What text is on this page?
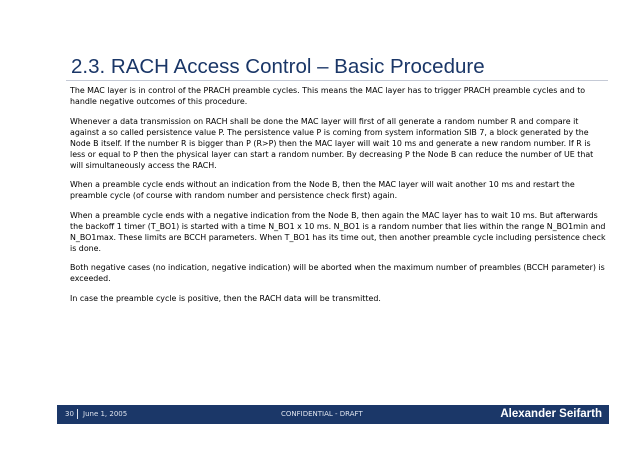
2.3. RACH Access Control – Basic Procedure

The MAC layer is in control of the PRACH preamble cycles. This means the MAC layer has to trigger PRACH preamble cycles and to handle negative outcomes of this procedure.

Whenever a data transmission on RACH shall be done the MAC layer will first of all generate a random number R and compare it against a so called persistence value P. The persistence value P is coming from system information SIB 7, a block generated by the Node B itself. If the number R is bigger than P (R>P) then the MAC layer will wait 10 ms and generate a new random number. If R is less or equal to P then the physical layer can start a random number. By decreasing P the Node B can reduce the number of UE that will simultaneously access the RACH.

When a preamble cycle ends without an indication from the Node B, then the MAC layer will wait another 10 ms and restart the preamble cycle (of course with random number and persistence check first) again.

When a preamble cycle ends with a negative indication from the Node B, then again the MAC layer has to wait 10 ms. But afterwards the backoff 1 timer (T_BO1) is started with a time N_BO1 x 10 ms. N_BO1 is a random number that lies within the range N_BO1min and N_BO1max. These limits are BCCH parameters. When T_BO1 has its time out, then another preamble cycle including persistence check is done.

Both negative cases (no indication, negative indication) will be aborted when the maximum number of preambles (BCCH parameter) is exceeded.

In case the preamble cycle is positive, then the RACH data will be transmitted.

30 June 1, 2005	CONFIDENTIAL - DRAFT	Alexander Seifarth
